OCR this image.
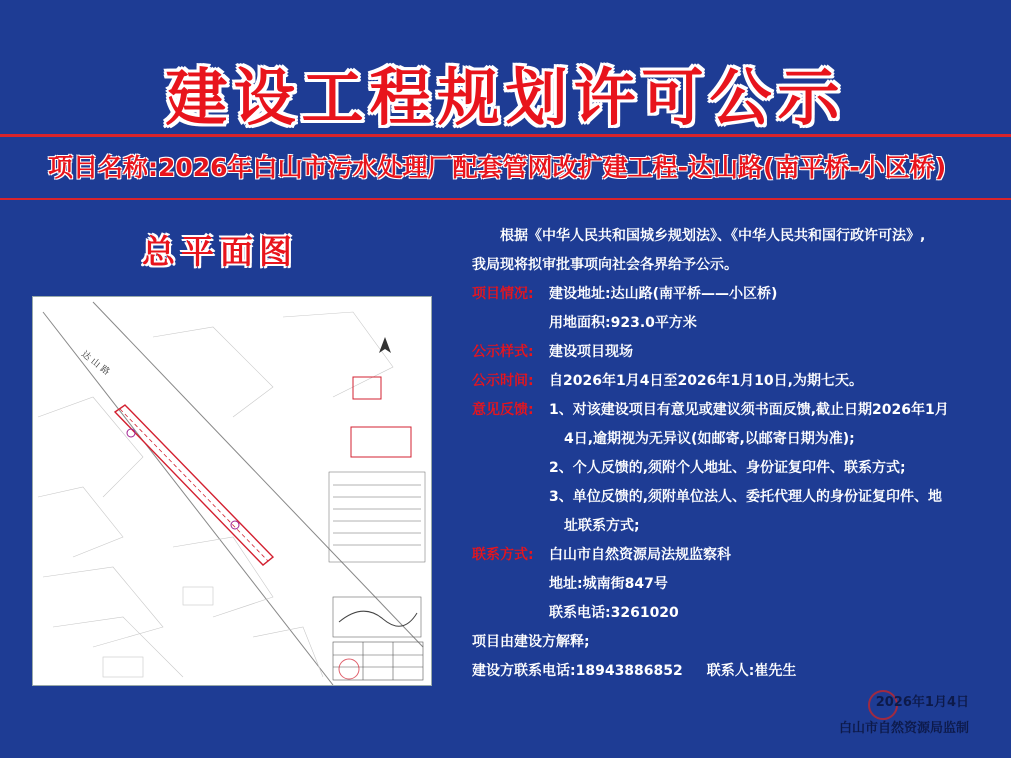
建设工程规划许可公示
项目名称:2026年白山市污水处理厂配套管网改扩建工程-达山路(南平桥-小区桥)
总平面图
达 山 路
根据《中华人民共和国城乡规划法》、《中华人民共和国行政许可法》,
我局现将拟审批事项向社会各界给予公示。
项目情况: 建设地址:达山路(南平桥——小区桥)
用地面积:923.0平方米
公示样式: 建设项目现场
公示时间: 自2026年1月4日至2026年1月10日,为期七天。
意见反馈: 1、对该建设项目有意见或建议须书面反馈,截止日期2026年1月
4日,逾期视为无异议(如邮寄,以邮寄日期为准);
2、个人反馈的,须附个人地址、身份证复印件、联系方式;
3、单位反馈的,须附单位法人、委托代理人的身份证复印件、地
址联系方式;
联系方式: 白山市自然资源局法规监察科
地址:城南街847号
联系电话:3261020
项目由建设方解释;
建设方联系电话:18943886852 联系人:崔先生
2026年1月4日
白山市自然资源局监制
